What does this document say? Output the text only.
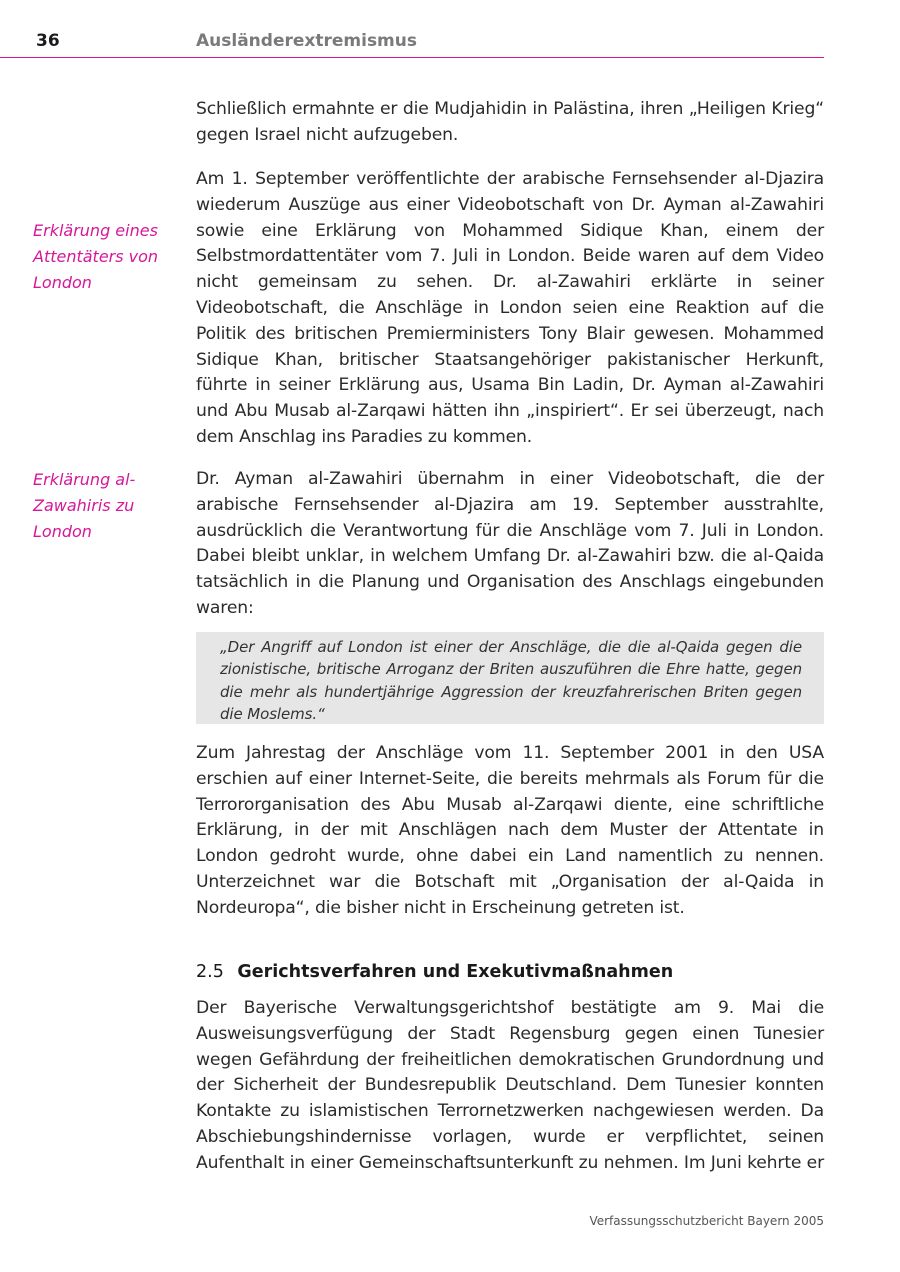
36	Ausländerextremismus

Schließlich ermahnte er die Mudjahidin in Palästina, ihren „Heiligen Krieg“ gegen Israel nicht aufzugeben.

Erklärung eines Attentäters von London

Am 1. September veröffentlichte der arabische Fernsehsender al-Djazira wiederum Auszüge aus einer Videobotschaft von Dr. Ayman al-Zawahiri sowie eine Erklärung von Mohammed Sidique Khan, einem der Selbstmordattentäter vom 7. Juli in London. Beide waren auf dem Video nicht gemeinsam zu sehen. Dr. al-Zawahiri erklärte in seiner Videobotschaft, die Anschläge in London seien eine Reaktion auf die Politik des britischen Premierministers Tony Blair gewesen. Mohammed Sidique Khan, britischer Staatsangehöriger pakistanischer Herkunft, führte in seiner Erklärung aus, Usama Bin Ladin, Dr. Ayman al-Zawahiri und Abu Musab al-Zarqawi hätten ihn „inspiriert“. Er sei überzeugt, nach dem Anschlag ins Paradies zu kommen.

Erklärung al-Zawahiris zu London

Dr. Ayman al-Zawahiri übernahm in einer Videobotschaft, die der arabische Fernsehsender al-Djazira am 19. September ausstrahlte, ausdrücklich die Verantwortung für die Anschläge vom 7. Juli in London. Dabei bleibt unklar, in welchem Umfang Dr. al-Zawahiri bzw. die al-Qaida tatsächlich in die Planung und Organisation des Anschlags eingebunden waren:

„Der Angriff auf London ist einer der Anschläge, die die al-Qaida gegen die zionistische, britische Arroganz der Briten auszuführen die Ehre hatte, gegen die mehr als hundertjährige Aggression der kreuzfahrerischen Briten gegen die Moslems.“

Zum Jahrestag der Anschläge vom 11. September 2001 in den USA erschien auf einer Internet-Seite, die bereits mehrmals als Forum für die Terrororganisation des Abu Musab al-Zarqawi diente, eine schriftliche Erklärung, in der mit Anschlägen nach dem Muster der Attentate in London gedroht wurde, ohne dabei ein Land namentlich zu nennen. Unterzeichnet war die Botschaft mit „Organisation der al-Qaida in Nordeuropa“, die bisher nicht in Erscheinung getreten ist.

2.5 Gerichtsverfahren und Exekutivmaßnahmen

Der Bayerische Verwaltungsgerichtshof bestätigte am 9. Mai die Ausweisungsverfügung der Stadt Regensburg gegen einen Tunesier wegen Gefährdung der freiheitlichen demokratischen Grundordnung und der Sicherheit der Bundesrepublik Deutschland. Dem Tunesier konnten Kontakte zu islamistischen Terrornetzwerken nachgewiesen werden. Da Abschiebungshindernisse vorlagen, wurde er verpflichtet, seinen Aufenthalt in einer Gemeinschaftsunterkunft zu nehmen. Im Juni kehrte er

Verfassungsschutzbericht Bayern 2005
